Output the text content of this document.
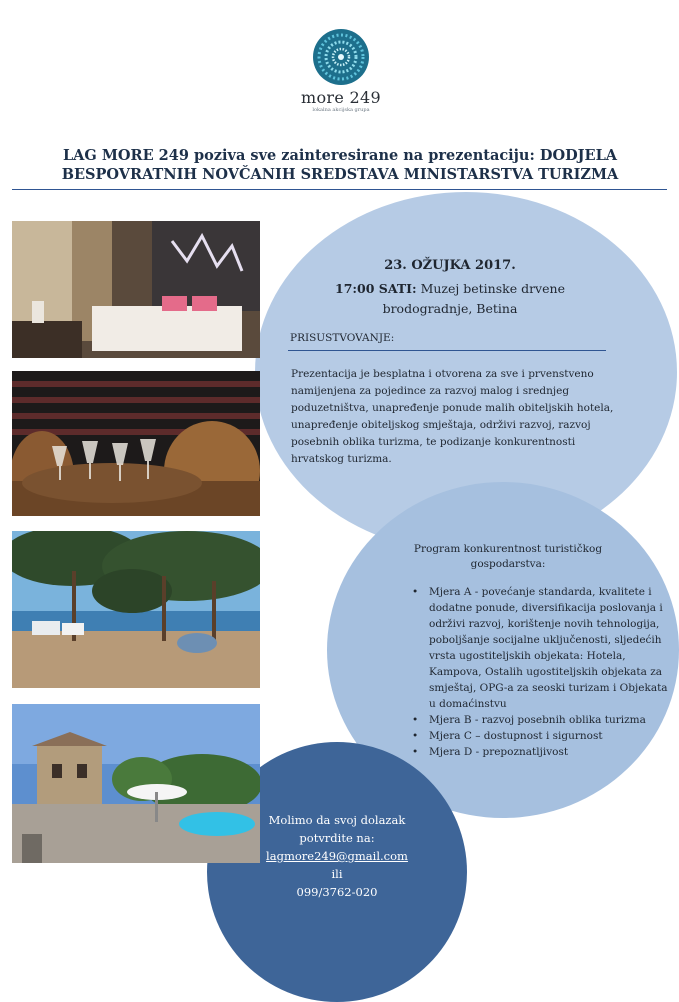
more 249
lokalna akcijska grupa
LAG MORE 249 poziva sve zainteresirane na prezentaciju: DODJELA
BESPOVRATNIH NOVČANIH SREDSTAVA MINISTARSTVA TURIZMA
23. OŽUJKA 2017.
17:00 SATI: Muzej betinske drvene
brodogradnje, Betina
PRISUSTVOVANJE:
Prezentacija je besplatna i otvorena za sve i prvenstveno namijenjena za pojedince za razvoj malog i srednjeg poduzetništva, unapređenje ponude malih obiteljskih hotela, unapređenje obiteljskog smještaja, održivi razvoj, razvoj posebnih oblika turizma, te podizanje konkurentnosti hrvatskog turizma.
Program konkurentnost turističkog gospodarstva:
• Mjera A - povećanje standarda, kvalitete i dodatne ponude, diversifikacija poslovanja i održivi razvoj, korištenje novih tehnologija, poboljšanje socijalne uključenosti, sljedećih vrsta ugostiteljskih objekata: Hotela, Kampova, Ostalih ugostiteljskih objekata za smještaj, OPG-a za seoski turizam i Objekata u domaćinstvu
• Mjera B - razvoj posebnih oblika turizma
• Mjera C – dostupnost i sigurnost
• Mjera D - prepoznatljivost
Molimo da svoj dolazak
potvrdite na:
lagmore249@gmail.com
ili
099/3762-020
